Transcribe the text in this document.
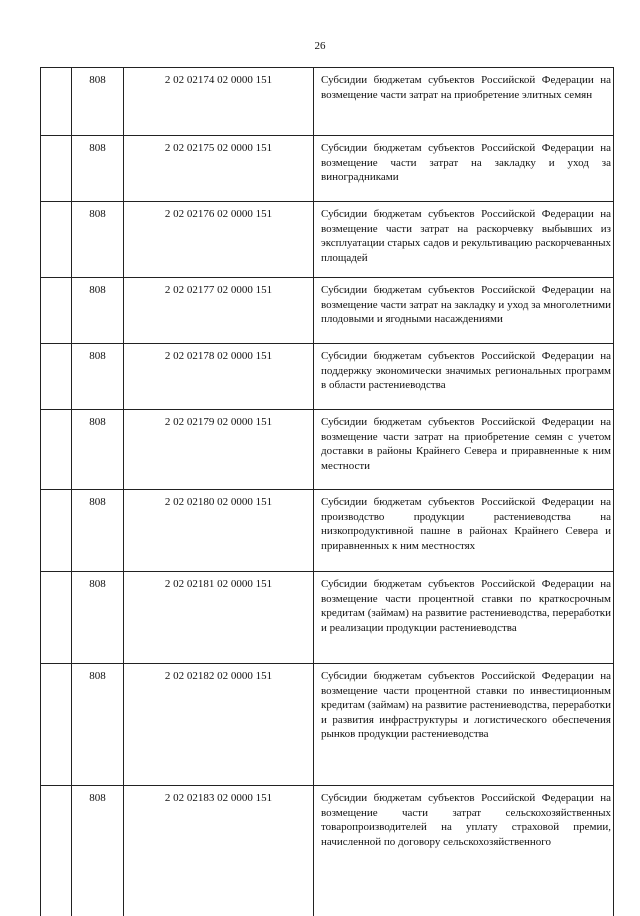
26
	808	2 02 02174 02 0000 151	Субсидии бюджетам субъектов Российской Федерации на возмещение части затрат на приобретение элитных семян
	808	2 02 02175 02 0000 151	Субсидии бюджетам субъектов Российской Федерации на возмещение части затрат на закладку и уход за виноградниками
	808	2 02 02176 02 0000 151	Субсидии бюджетам субъектов Российской Федерации на возмещение части затрат на раскорчевку выбывших из эксплуатации старых садов и рекультивацию раскорчеванных площадей
	808	2 02 02177 02 0000 151	Субсидии бюджетам субъектов Российской Федерации на возмещение части затрат на закладку и уход за многолетними плодовыми и ягодными насаждениями
	808	2 02 02178 02 0000 151	Субсидии бюджетам субъектов Российской Федерации на поддержку экономически значимых региональных программ в области растениеводства
	808	2 02 02179 02 0000 151	Субсидии бюджетам субъектов Российской Федерации на возмещение части затрат на приобретение семян с учетом доставки в районы Крайнего Севера и приравненные к ним местности
	808	2 02 02180 02 0000 151	Субсидии бюджетам субъектов Российской Федерации на производство продукции растениеводства на низкопродуктивной пашне в районах Крайнего Севера и приравненных к ним местностях
	808	2 02 02181 02 0000 151	Субсидии бюджетам субъектов Российской Федерации на возмещение части процентной ставки по краткосрочным кредитам (займам) на развитие растениеводства, переработки и реализации продукции растениеводства
	808	2 02 02182 02 0000 151	Субсидии бюджетам субъектов Российской Федерации на возмещение части процентной ставки по инвестиционным кредитам (займам) на развитие растениеводства, переработки и развития инфраструктуры и логистического обеспечения рынков продукции растениеводства
	808	2 02 02183 02 0000 151	Субсидии бюджетам субъектов Российской Федерации на возмещение части затрат сельскохозяйственных товаропроизводителей на уплату страховой премии, начисленной по договору сельскохозяйственного
